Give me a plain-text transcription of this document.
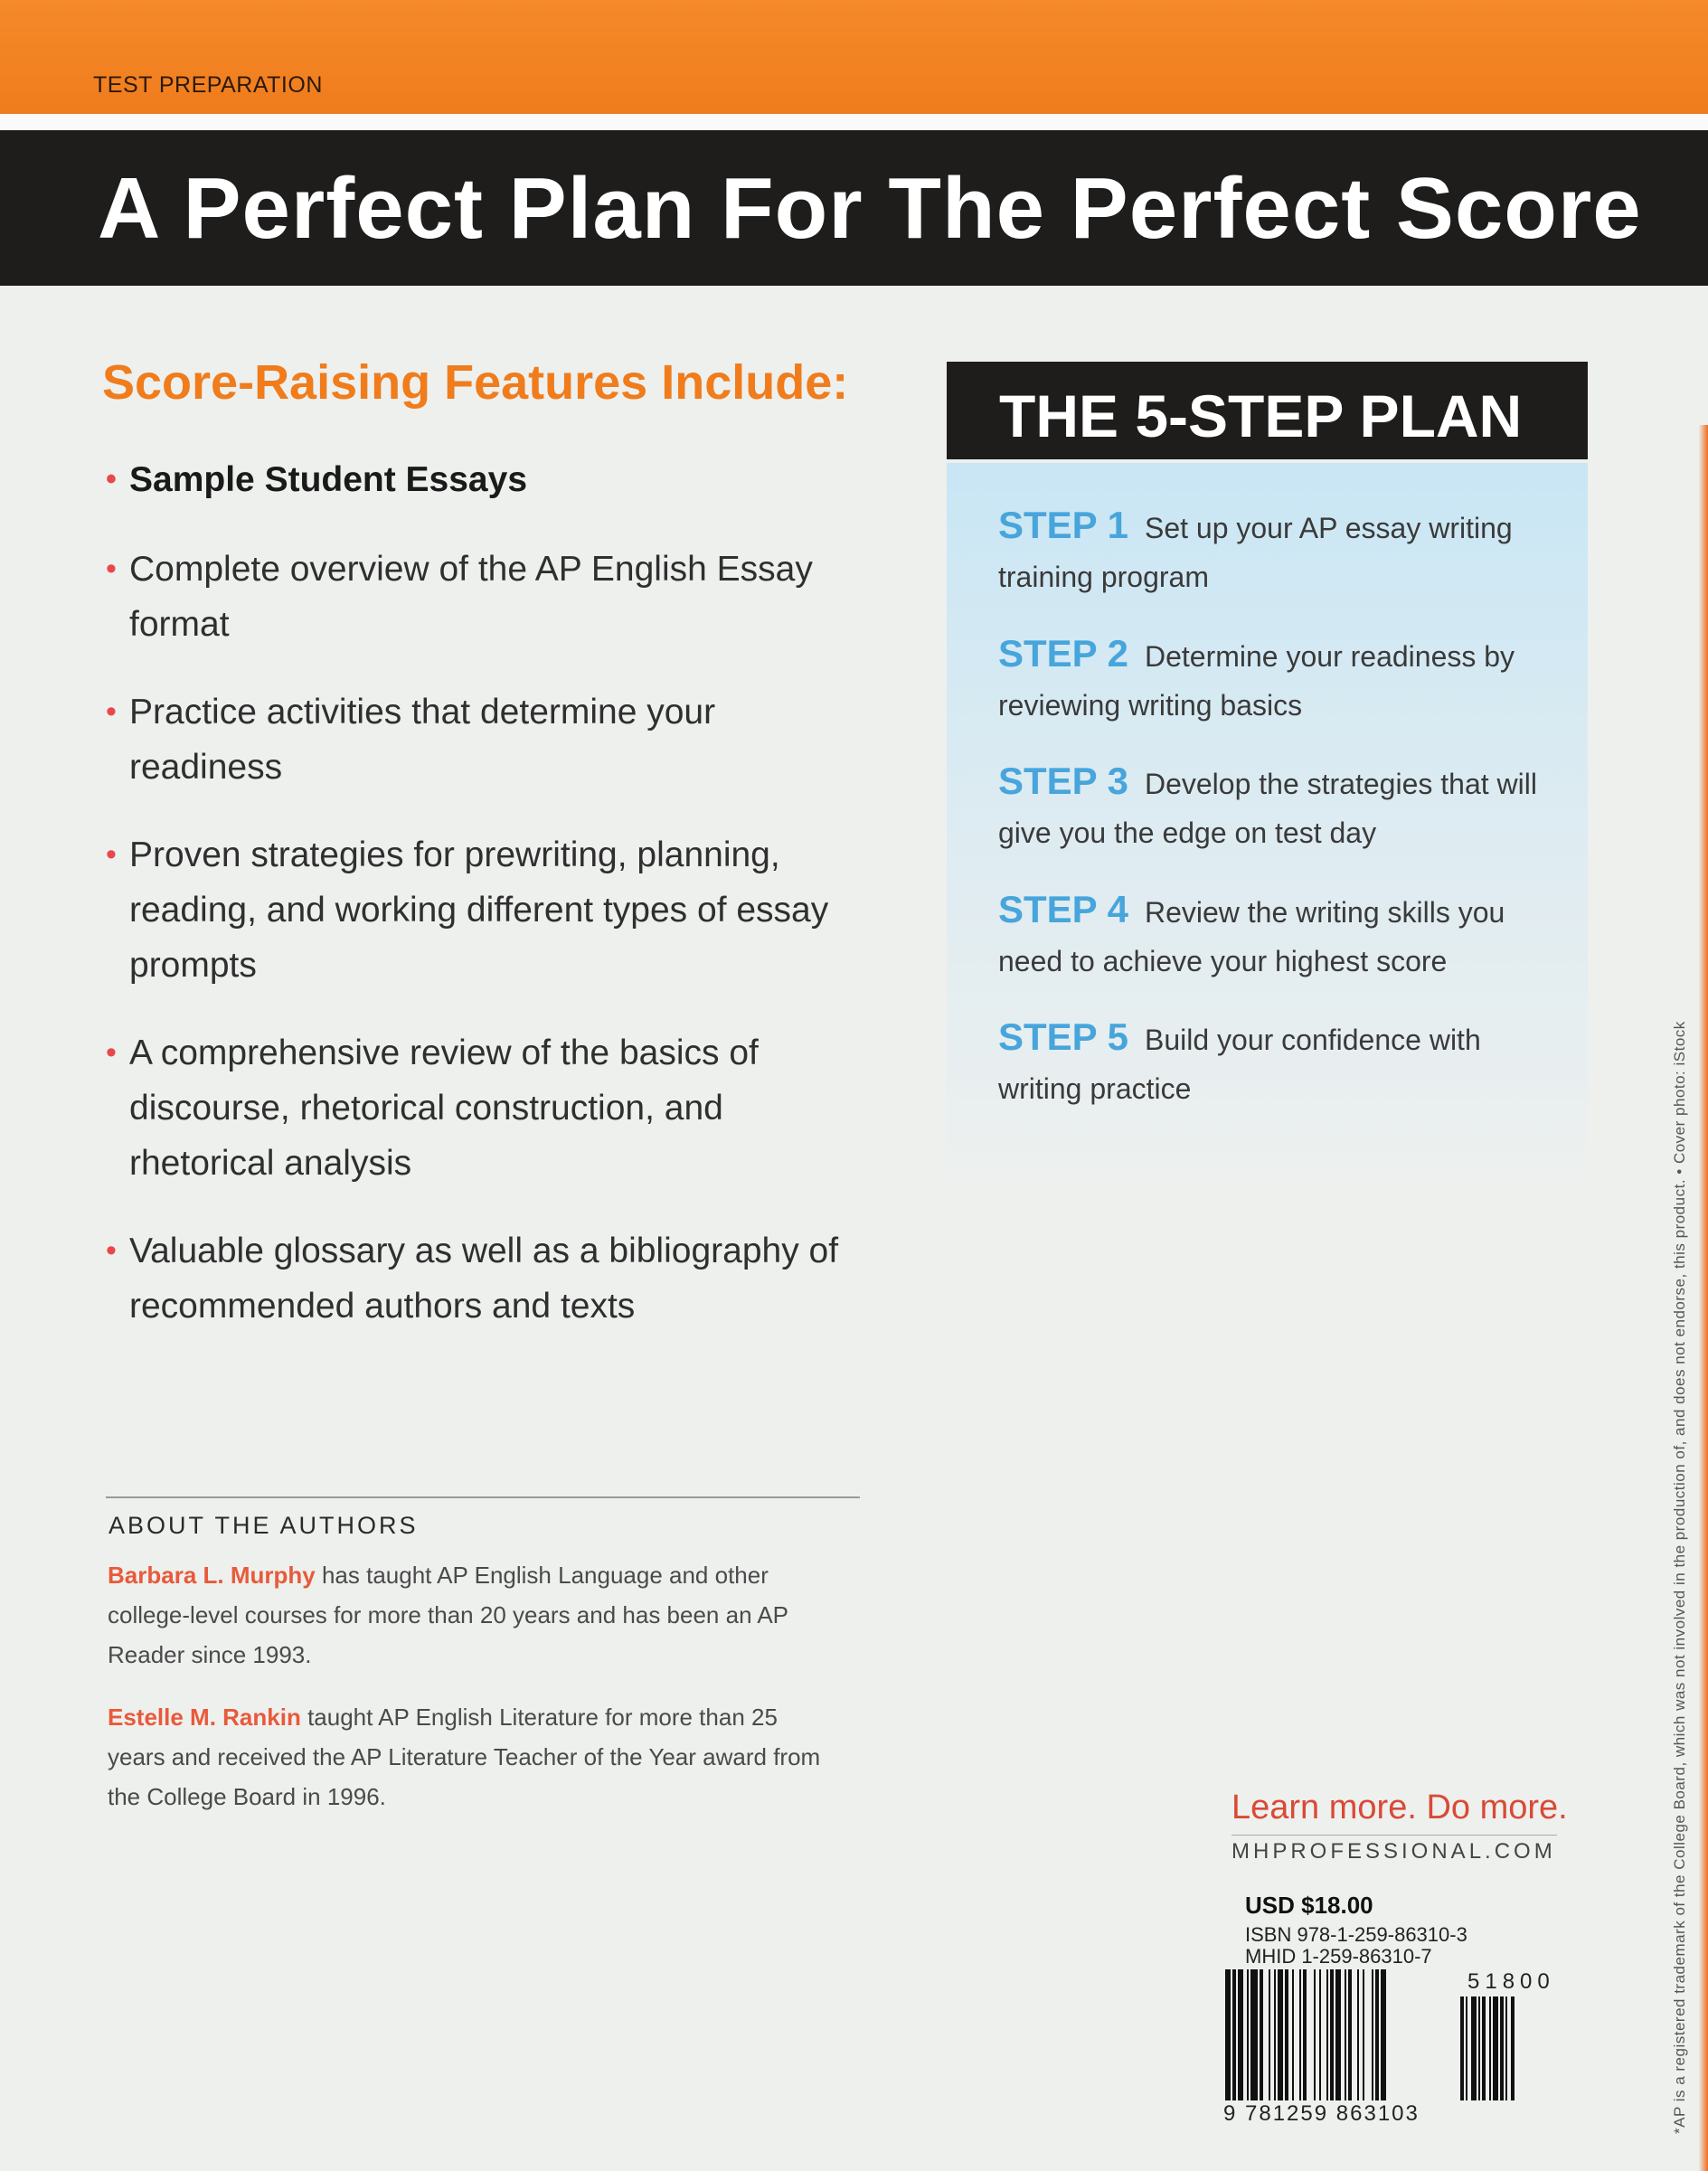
TEST PREPARATION
A Perfect Plan For The Perfect Score
Score-Raising Features Include:
• Sample Student Essays
• Complete overview of the AP English Essay format
• Practice activities that determine your readiness
• Proven strategies for prewriting, planning, reading, and working different types of essay prompts
• A comprehensive review of the basics of discourse, rhetorical construction, and rhetorical analysis
• Valuable glossary as well as a bibliography of recommended authors and texts
ABOUT THE AUTHORS
Barbara L. Murphy has taught AP English Language and other college-level courses for more than 20 years and has been an AP Reader since 1993.
Estelle M. Rankin taught AP English Literature for more than 25 years and received the AP Literature Teacher of the Year award from the College Board in 1996.
THE 5-STEP PLAN
STEP 1 Set up your AP essay writing training program
STEP 2 Determine your readiness by reviewing writing basics
STEP 3 Develop the strategies that will give you the edge on test day
STEP 4 Review the writing skills you need to achieve your highest score
STEP 5 Build your confidence with writing practice
Learn more. Do more.
MHPROFESSIONAL.COM
USD $18.00
ISBN 978-1-259-86310-3
MHID 1-259-86310-7
51800
9 781259 863103	*AP is a registered trademark of the College Board, which was not involved in the production of, and does not endorse, this product. • Cover photo: iStock
